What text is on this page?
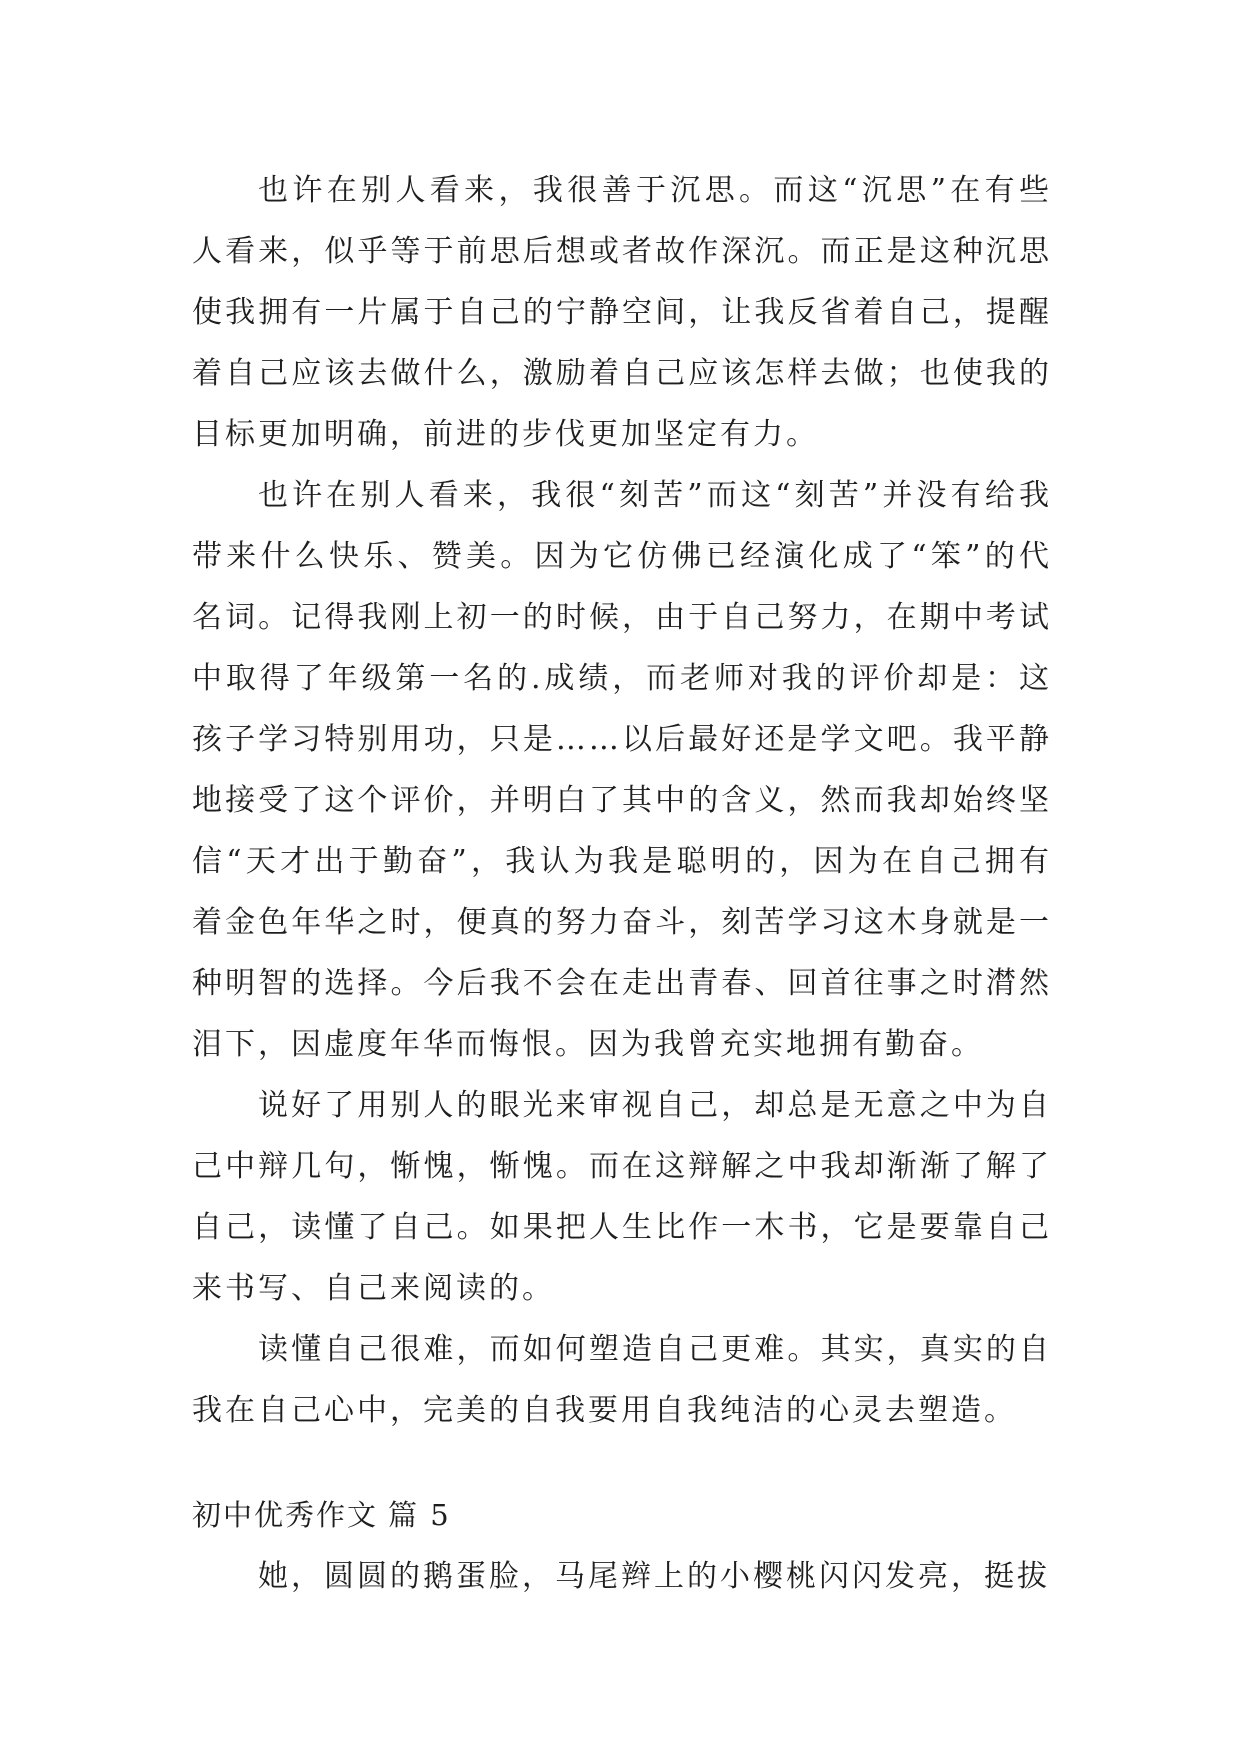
也许在别人看来，我很善于沉思。而这“沉思”在有些人看来，似乎等于前思后想或者故作深沉。而正是这种沉思使我拥有一片属于自己的宁静空间，让我反省着自己，提醒着自己应该去做什么，激励着自己应该怎样去做；也使我的目标更加明确，前进的步伐更加坚定有力。

也许在别人看来，我很“刻苦”而这“刻苦”并没有给我带来什么快乐、赞美。因为它仿佛已经演化成了“笨”的代名词。记得我刚上初一的时候，由于自己努力，在期中考试中取得了年级第一名的.成绩，而老师对我的评价却是：这孩子学习特别用功，只是……以后最好还是学文吧。我平静地接受了这个评价，并明白了其中的含义，然而我却始终坚信“天才出于勤奋”，我认为我是聪明的，因为在自己拥有着金色年华之时，便真的努力奋斗，刻苦学习这木身就是一种明智的选择。今后我不会在走出青春、回首往事之时潸然泪下，因虚度年华而悔恨。因为我曾充实地拥有勤奋。

说好了用别人的眼光来审视自己，却总是无意之中为自己中辩几句，惭愧，惭愧。而在这辩解之中我却渐渐了解了自己，读懂了自己。如果把人生比作一木书，它是要靠自己来书写、自己来阅读的。

读懂自己很难，而如何塑造自己更难。其实，真实的自我在自己心中，完美的自我要用自我纯洁的心灵去塑造。

初中优秀作文 篇 5

她，圆圆的鹅蛋脸，马尾辫上的小樱桃闪闪发亮，挺拔
